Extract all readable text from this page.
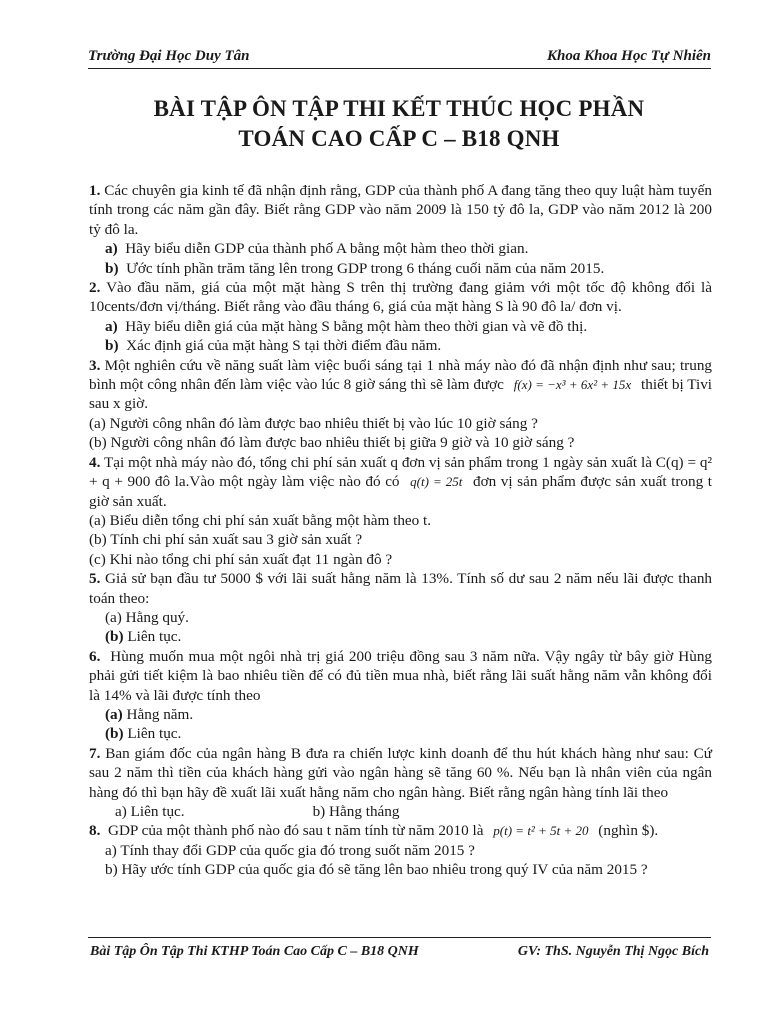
Trường Đại Học Duy Tân	Khoa Khoa Học Tự Nhiên
BÀI TẬP ÔN TẬP THI KẾT THÚC HỌC PHẦN
TOÁN CAO CẤP C – B18 QNH

1. Các chuyên gia kinh tế đã nhận định rằng, GDP của thành phố A đang tăng theo quy luật hàm tuyến tính trong các năm gần đây. Biết rằng GDP vào năm 2009 là 150 tỷ đô la, GDP vào năm 2012 là 200 tỷ đô la.

a) Hãy biểu diễn GDP của thành phố A bằng một hàm theo thời gian.

b) Ước tính phần trăm tăng lên trong GDP trong 6 tháng cuối năm của năm 2015.

2. Vào đầu năm, giá của một mặt hàng S trên thị trường đang giảm với một tốc độ không đổi là 10cents/đơn vị/tháng. Biết rằng vào đầu tháng 6, giá của mặt hàng S là 90 đô la/ đơn vị.

a) Hãy biểu diễn giá của mặt hàng S bằng một hàm theo thời gian và vẽ đồ thị.

b) Xác định giá của mặt hàng S tại thời điểm đầu năm.

3. Một nghiên cứu về năng suất làm việc buổi sáng tại 1 nhà máy nào đó đã nhận định như sau; trung bình một công nhân đến làm việc vào lúc 8 giờ sáng thì sẽ làm được f(x) = −x³ + 6x² + 15x thiết bị Tivi sau x giờ.

(a) Người công nhân đó làm được bao nhiêu thiết bị vào lúc 10 giờ sáng ?

(b) Người công nhân đó làm được bao nhiêu thiết bị giữa 9 giờ và 10 giờ sáng ?

4. Tại một nhà máy nào đó, tổng chi phí sản xuất q đơn vị sản phẩm trong 1 ngày sản xuất là C(q) = q² + q + 900 đô la.Vào một ngày làm việc nào đó có q(t) = 25t đơn vị sản phẩm được sản xuất trong t giờ sản xuất.

(a) Biểu diễn tổng chi phí sản xuất bằng một hàm theo t.

(b) Tính chi phí sản xuất sau 3 giờ sản xuất ?

(c) Khi nào tổng chi phí sản xuất đạt 11 ngàn đô ?

5. Giả sử bạn đầu tư 5000 $ với lãi suất hằng năm là 13%. Tính số dư sau 2 năm nếu lãi được thanh toán theo:

(a) Hằng quý.

(b) Liên tục.

6. Hùng muốn mua một ngôi nhà trị giá 200 triệu đồng sau 3 năm nữa. Vậy ngây từ bây giờ Hùng phải gửi tiết kiệm là bao nhiêu tiền để có đủ tiền mua nhà, biết rằng lãi suất hằng năm vẫn không đổi là 14% và lãi được tính theo

(a) Hằng năm.

(b) Liên tục.

7. Ban giám đốc của ngân hàng B đưa ra chiến lược kinh doanh để thu hút khách hàng như sau: Cứ sau 2 năm thì tiền của khách hàng gửi vào ngân hàng sẽ tăng 60 %. Nếu bạn là nhân viên của ngân hàng đó thì bạn hãy đề xuất lãi xuất hằng năm cho ngân hàng. Biết rằng ngân hàng tính lãi theo

a) Liên tục.	b) Hằng tháng

8. GDP của một thành phố nào đó sau t năm tính từ năm 2010 là p(t) = t² + 5t + 20 (nghìn $).

a) Tính thay đổi GDP của quốc gia đó trong suốt năm 2015 ?

b) Hãy ước tính GDP của quốc gia đó sẽ tăng lên bao nhiêu trong quý IV của năm 2015 ?

Bài Tập Ôn Tập Thi KTHP Toán Cao Cấp C – B18 QNH	GV: ThS. Nguyễn Thị Ngọc Bích
